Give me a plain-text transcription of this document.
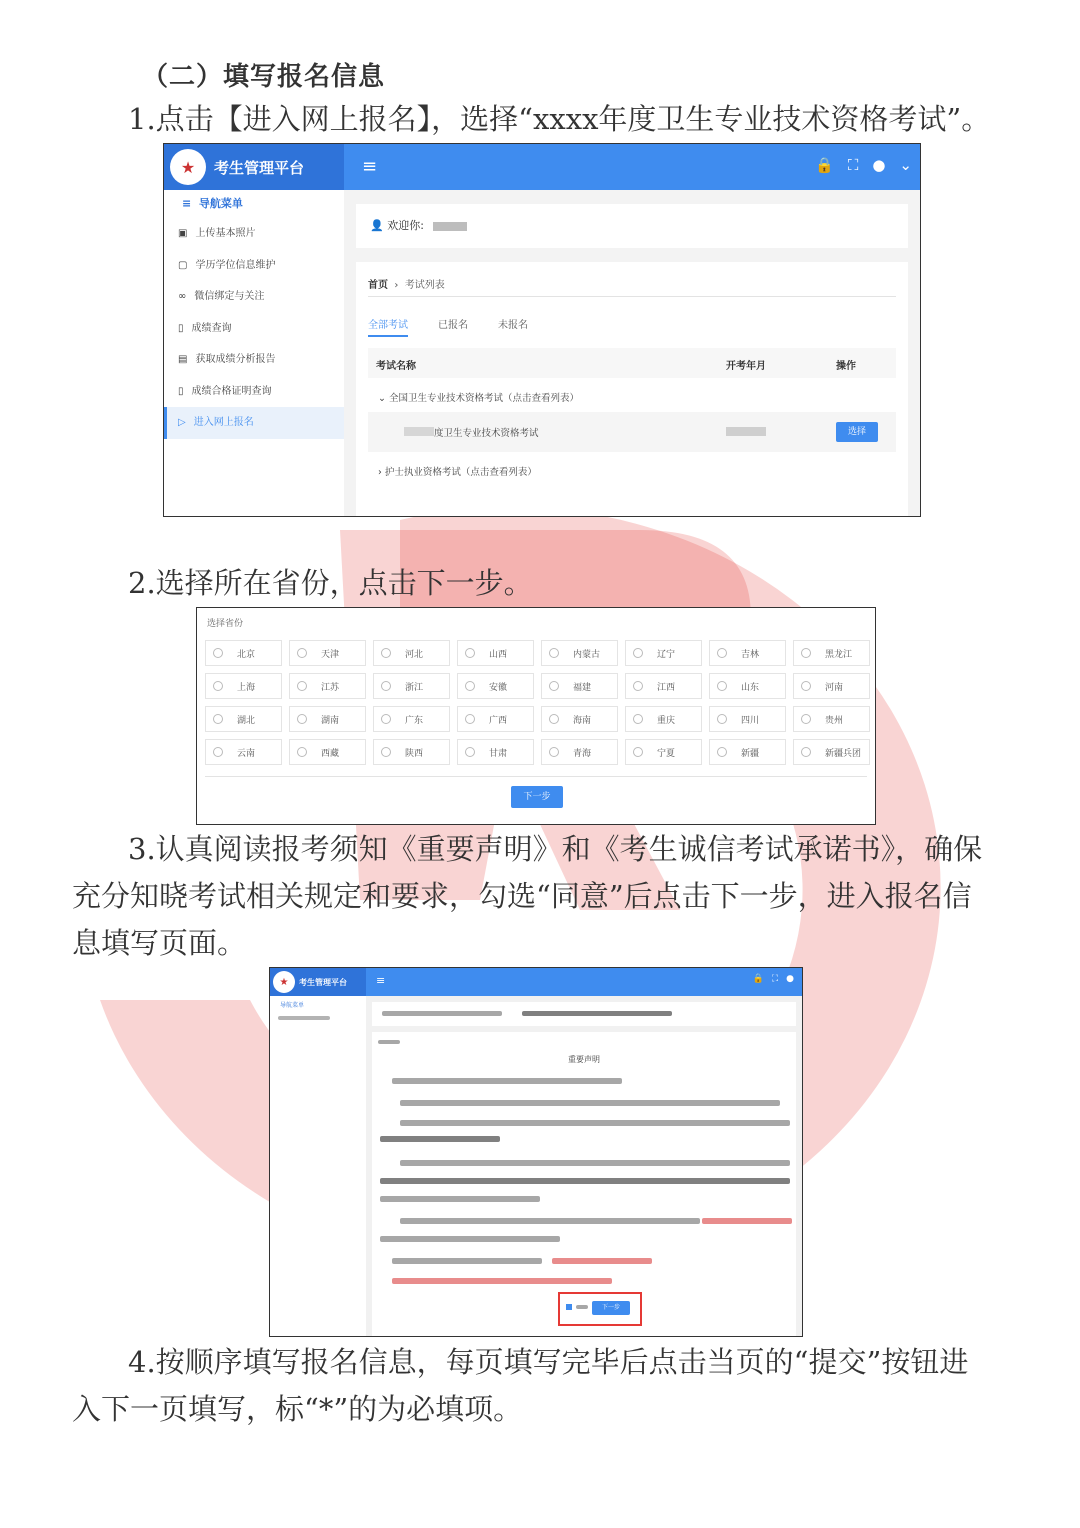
（二）填写报名信息
1.点击【进入网上报名】，选择“xxxx年度卫生专业技术资格考试”。
★	考生管理平台	≡	🔒 ⛶ ● ⌄
≡  导航菜单
▣ 上传基本照片
▢ 学历学位信息维护
∞ 微信绑定与关注
▯ 成绩查询
▤ 获取成绩分析报告
▯ 成绩合格证明查询
▷ 进入网上报名
👤 欢迎你:
首页  ›  考试列表
全部考试	已报名	未报名
考试名称	开考年月	操作
⌄ 全国卫生专业技术资格考试（点击查看列表）
度卫生专业技术资格考试	选择
› 护士执业资格考试（点击查看列表）
2.选择所在省份，点击下一步。
选择省份
北京	天津	河北	山西	内蒙古	辽宁	吉林	黑龙江
上海	江苏	浙江	安徽	福建	江西	山东	河南
湖北	湖南	广东	广西	海南	重庆	四川	贵州
云南	西藏	陕西	甘肃	青海	宁夏	新疆	新疆兵团
下一步
3.认真阅读报考须知《重要声明》和《考生诚信考试承诺书》，确保
充分知晓考试相关规定和要求，勾选“同意”后点击下一步，进入报名信
息填写页面。
★	考生管理平台	≡	🔒 ⛶ ●
导航菜单
重要声明
下一步
4.按顺序填写报名信息，每页填写完毕后点击当页的“提交”按钮进
入下一页填写，标“*”的为必填项。
